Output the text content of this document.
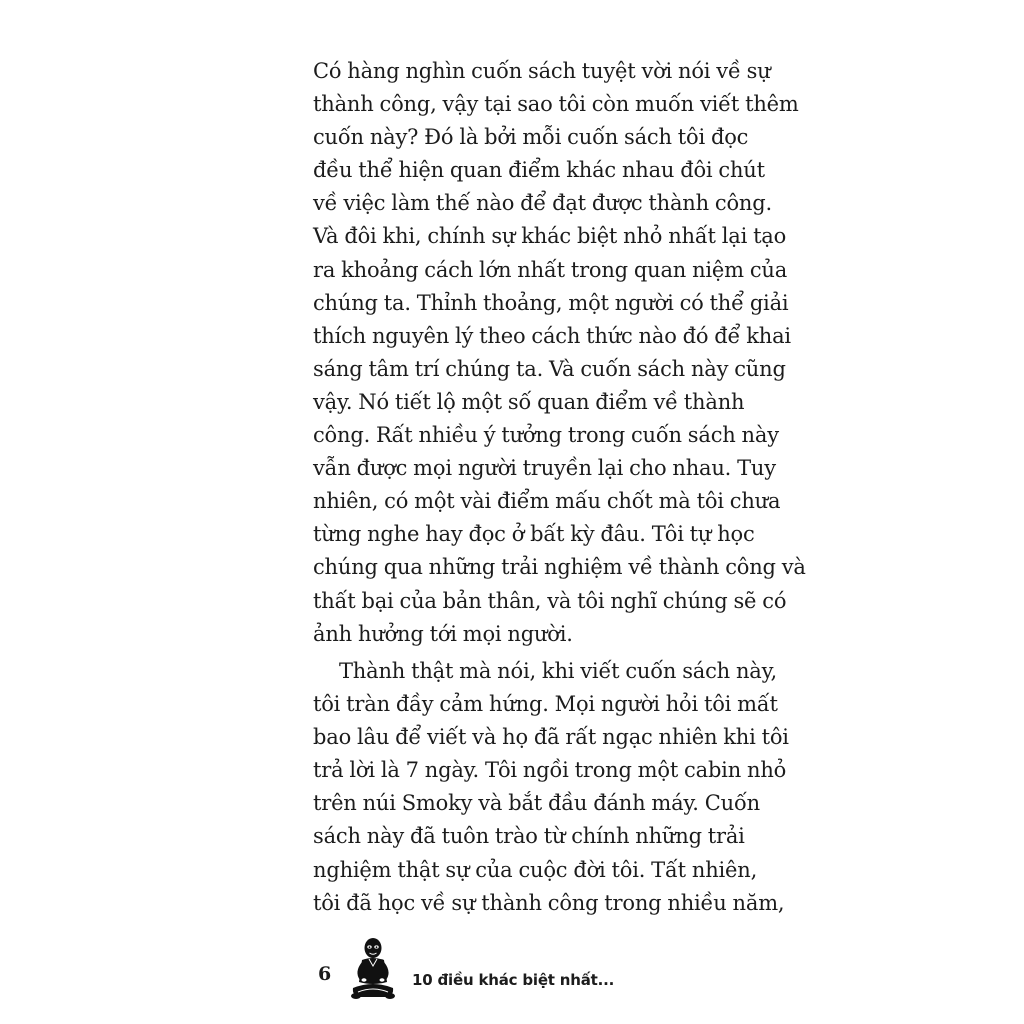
Có hàng nghìn cuốn sách tuyệt vời nói về sự
thành công, vậy tại sao tôi còn muốn viết thêm
cuốn này? Đó là bởi mỗi cuốn sách tôi đọc
đều thể hiện quan điểm khác nhau đôi chút
về việc làm thế nào để đạt được thành công.
Và đôi khi, chính sự khác biệt nhỏ nhất lại tạo
ra khoảng cách lớn nhất trong quan niệm của
chúng ta. Thỉnh thoảng, một người có thể giải
thích nguyên lý theo cách thức nào đó để khai
sáng tâm trí chúng ta. Và cuốn sách này cũng
vậy. Nó tiết lộ một số quan điểm về thành
công. Rất nhiều ý tưởng trong cuốn sách này
vẫn được mọi người truyền lại cho nhau. Tuy
nhiên, có một vài điểm mấu chốt mà tôi chưa
từng nghe hay đọc ở bất kỳ đâu. Tôi tự học
chúng qua những trải nghiệm về thành công và
thất bại của bản thân, và tôi nghĩ chúng sẽ có
ảnh hưởng tới mọi người.
Thành thật mà nói, khi viết cuốn sách này,
tôi tràn đầy cảm hứng. Mọi người hỏi tôi mất
bao lâu để viết và họ đã rất ngạc nhiên khi tôi
trả lời là 7 ngày. Tôi ngồi trong một cabin nhỏ
trên núi Smoky và bắt đầu đánh máy. Cuốn
sách này đã tuôn trào từ chính những trải
nghiệm thật sự của cuộc đời tôi. Tất nhiên,
tôi đã học về sự thành công trong nhiều năm,
6	10 điều khác biệt nhất...
